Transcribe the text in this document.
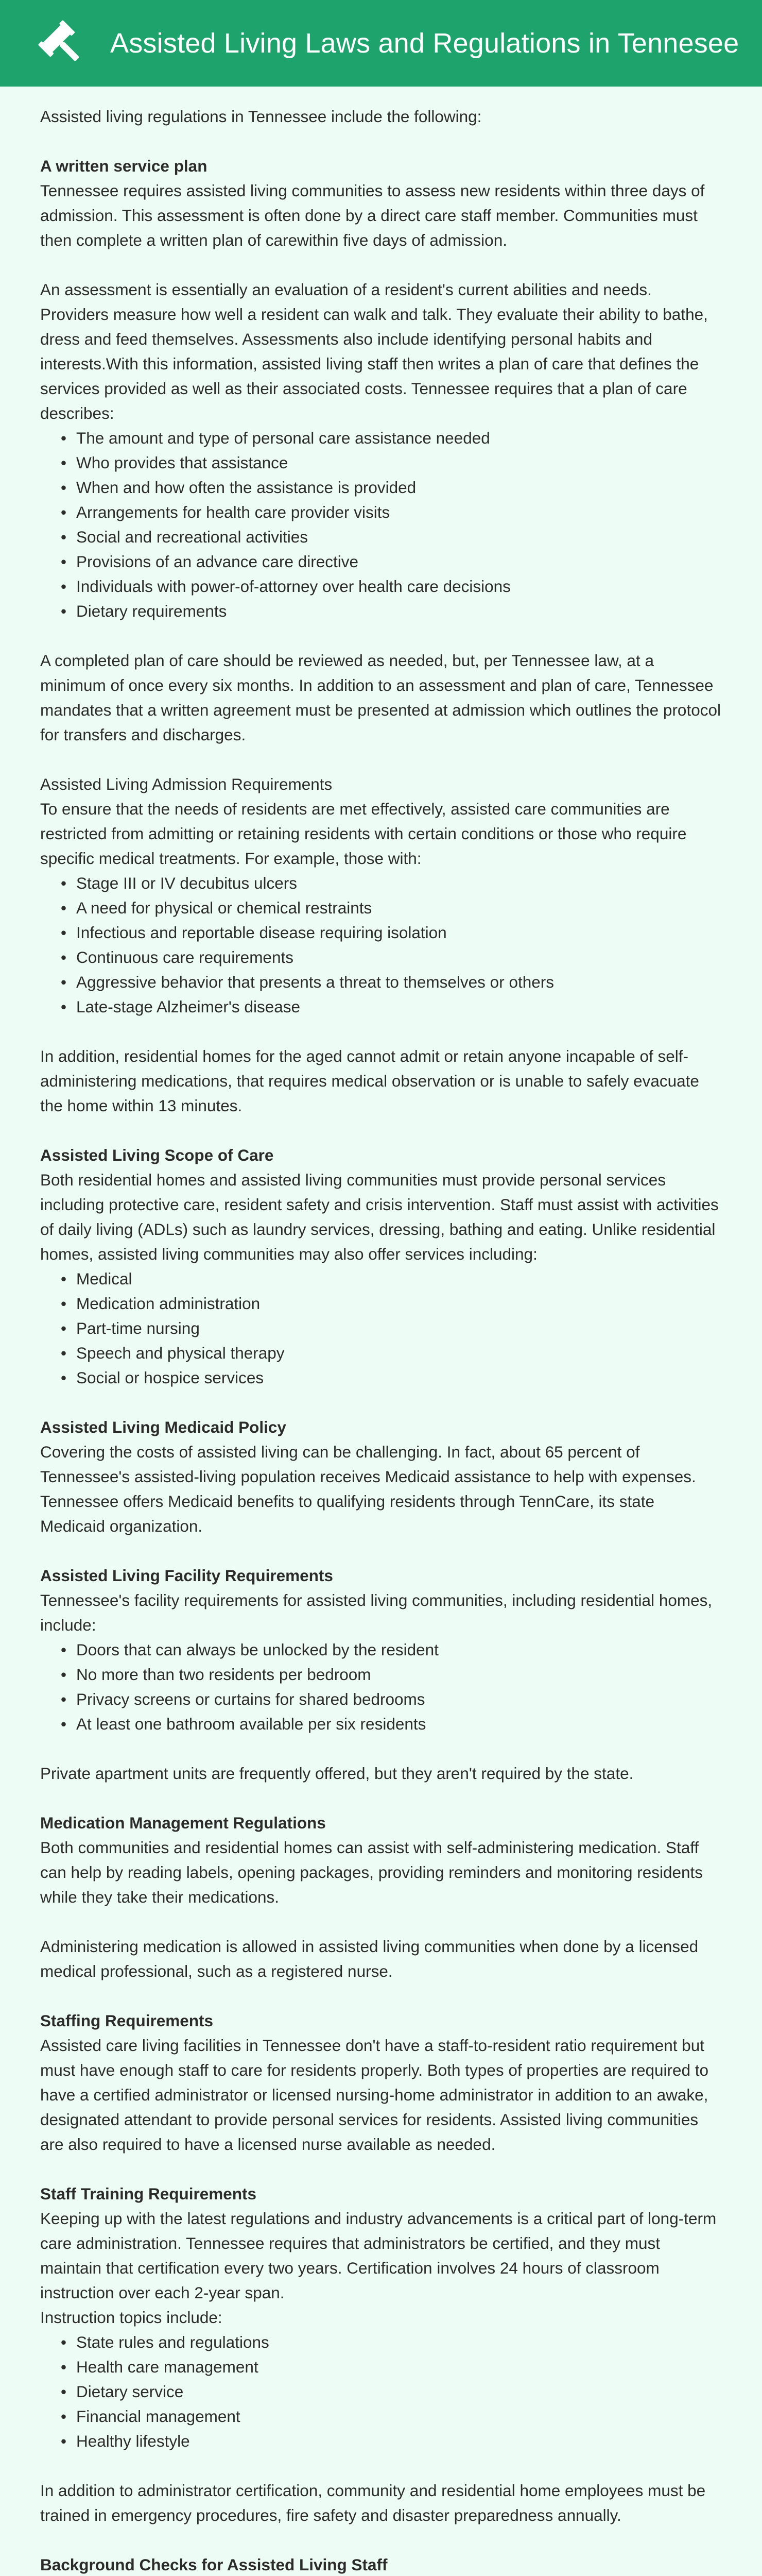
Assisted Living Laws and Regulations in Tennesee

Assisted living regulations in Tennessee include the following:

A written service plan

Tennessee requires assisted living communities to assess new residents within three days of admission. This assessment is often done by a direct care staff member. Communities must then complete a written plan of carewithin five days of admission.

An assessment is essentially an evaluation of a resident's current abilities and needs. Providers measure how well a resident can walk and talk. They evaluate their ability to bathe, dress and feed themselves. Assessments also include identifying personal habits and interests.With this information, assisted living staff then writes a plan of care that defines the services provided as well as their associated costs. Tennessee requires that a plan of care describes:

• The amount and type of personal care assistance needed
• Who provides that assistance
• When and how often the assistance is provided
• Arrangements for health care provider visits
• Social and recreational activities
• Provisions of an advance care directive
• Individuals with power-of-attorney over health care decisions
• Dietary requirements

A completed plan of care should be reviewed as needed, but, per Tennessee law, at a minimum of once every six months. In addition to an assessment and plan of care, Tennessee mandates that a written agreement must be presented at admission which outlines the protocol for transfers and discharges.

Assisted Living Admission Requirements

To ensure that the needs of residents are met effectively, assisted care communities are restricted from admitting or retaining residents with certain conditions or those who require specific medical treatments. For example, those with:

• Stage III or IV decubitus ulcers
• A need for physical or chemical restraints
• Infectious and reportable disease requiring isolation
• Continuous care requirements
• Aggressive behavior that presents a threat to themselves or others
• Late-stage Alzheimer's disease

In addition, residential homes for the aged cannot admit or retain anyone incapable of self-administering medications, that requires medical observation or is unable to safely evacuate the home within 13 minutes.

Assisted Living Scope of Care

Both residential homes and assisted living communities must provide personal services including protective care, resident safety and crisis intervention. Staff must assist with activities of daily living (ADLs) such as laundry services, dressing, bathing and eating. Unlike residential homes, assisted living communities may also offer services including:

• Medical
• Medication administration
• Part-time nursing
• Speech and physical therapy
• Social or hospice services

Assisted Living Medicaid Policy

Covering the costs of assisted living can be challenging. In fact, about 65 percent of Tennessee's assisted-living population receives Medicaid assistance to help with expenses. Tennessee offers Medicaid benefits to qualifying residents through TennCare, its state Medicaid organization.

Assisted Living Facility Requirements

Tennessee's facility requirements for assisted living communities, including residential homes, include:

• Doors that can always be unlocked by the resident
• No more than two residents per bedroom
• Privacy screens or curtains for shared bedrooms
• At least one bathroom available per six residents

Private apartment units are frequently offered, but they aren't required by the state.

Medication Management Regulations

Both communities and residential homes can assist with self-administering medication. Staff can help by reading labels, opening packages, providing reminders and monitoring residents while they take their medications.

Administering medication is allowed in assisted living communities when done by a licensed medical professional, such as a registered nurse.

Staffing Requirements

Assisted care living facilities in Tennessee don't have a staff-to-resident ratio requirement but must have enough staff to care for residents properly. Both types of properties are required to have a certified administrator or licensed nursing-home administrator in addition to an awake, designated attendant to provide personal services for residents. Assisted living communities are also required to have a licensed nurse available as needed.

Staff Training Requirements

Keeping up with the latest regulations and industry advancements is a critical part of long-term care administration. Tennessee requires that administrators be certified, and they must maintain that certification every two years. Certification involves 24 hours of classroom instruction over each 2-year span.

Instruction topics include:

• State rules and regulations
• Health care management
• Dietary service
• Financial management
• Healthy lifestyle

In addition to administrator certification, community and residential home employees must be trained in emergency procedures, fire safety and disaster preparedness annually.

Background Checks for Assisted Living Staff
